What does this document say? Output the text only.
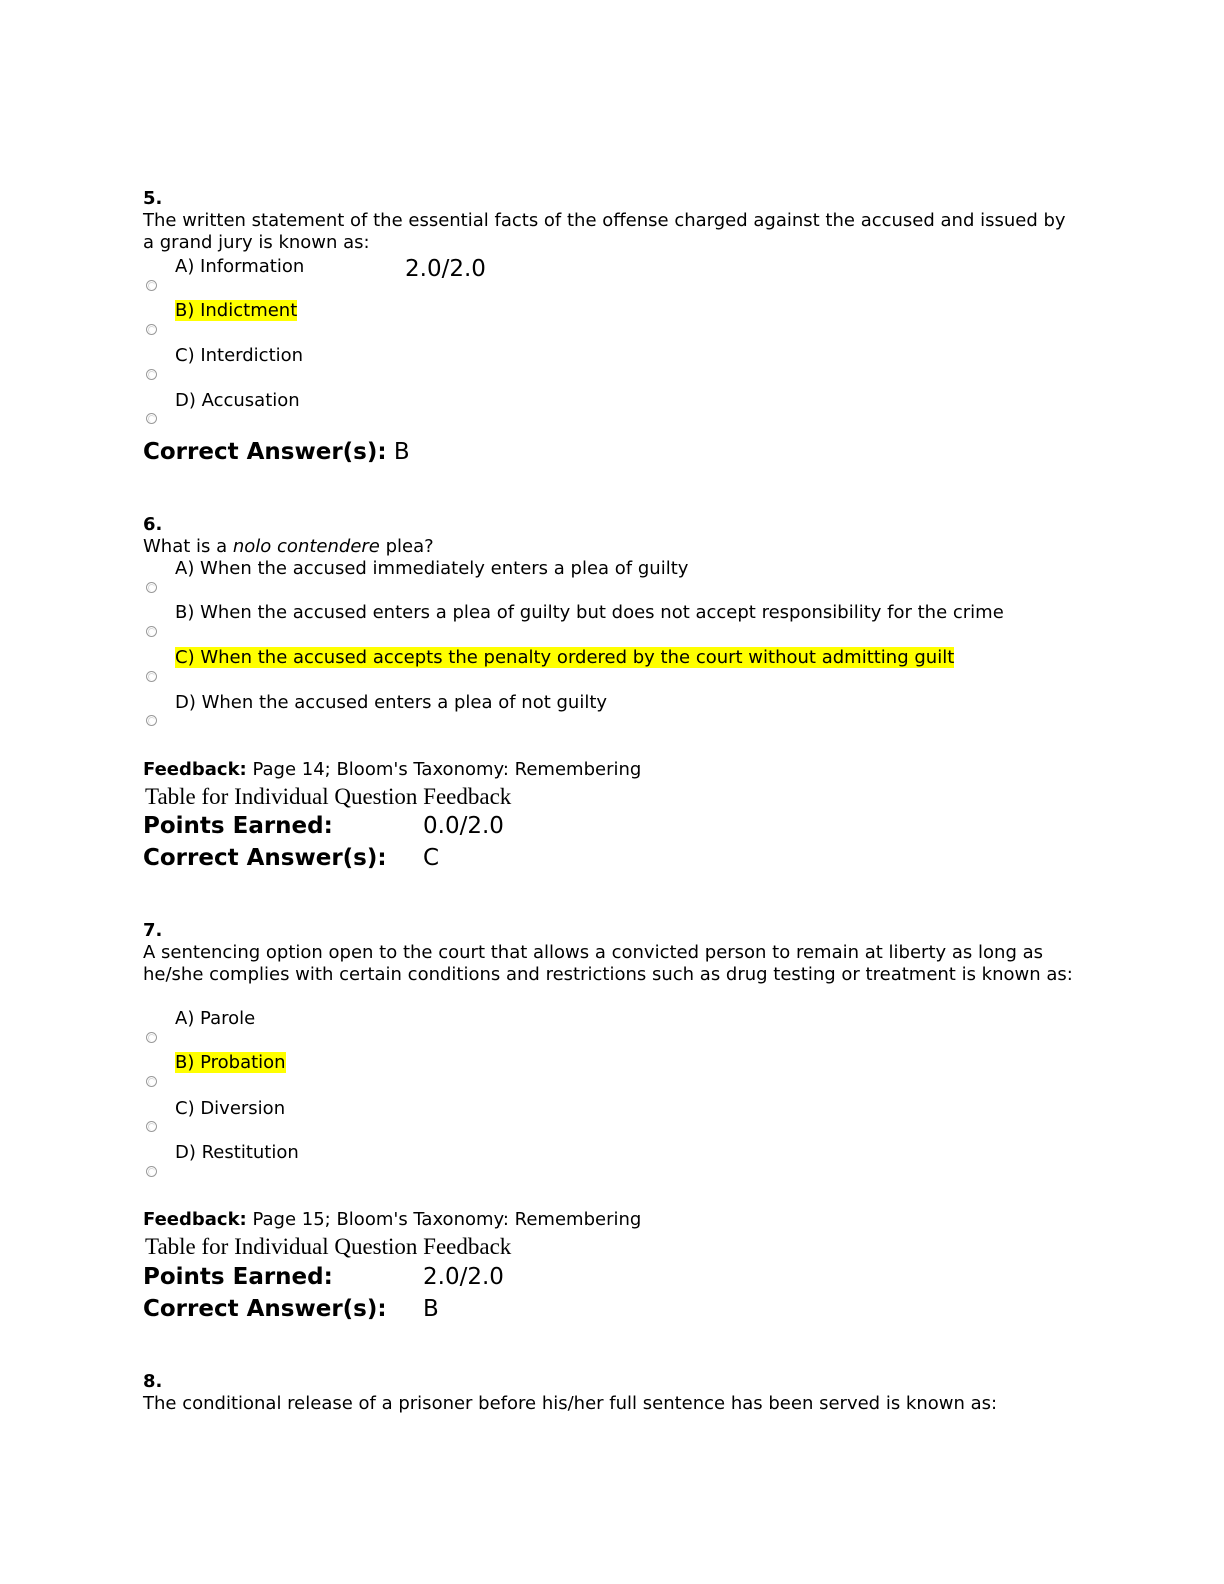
5.
The written statement of the essential facts of the offense charged against the accused and issued by a grand jury is known as:
A) Information	2.0/2.0
B) Indictment
C) Interdiction
D) Accusation
Correct Answer(s): B
6.
What is a nolo contendere plea?
A) When the accused immediately enters a plea of guilty
B) When the accused enters a plea of guilty but does not accept responsibility for the crime
C) When the accused accepts the penalty ordered by the court without admitting guilt
D) When the accused enters a plea of not guilty
Feedback: Page 14; Bloom's Taxonomy: Remembering
Table for Individual Question Feedback
Points Earned:	0.0/2.0
Correct Answer(s): C
7.
A sentencing option open to the court that allows a convicted person to remain at liberty as long as he/she complies with certain conditions and restrictions such as drug testing or treatment is known as:
A) Parole
B) Probation
C) Diversion
D) Restitution
Feedback: Page 15; Bloom's Taxonomy: Remembering
Table for Individual Question Feedback
Points Earned:	2.0/2.0
Correct Answer(s): B
8.
The conditional release of a prisoner before his/her full sentence has been served is known as:
